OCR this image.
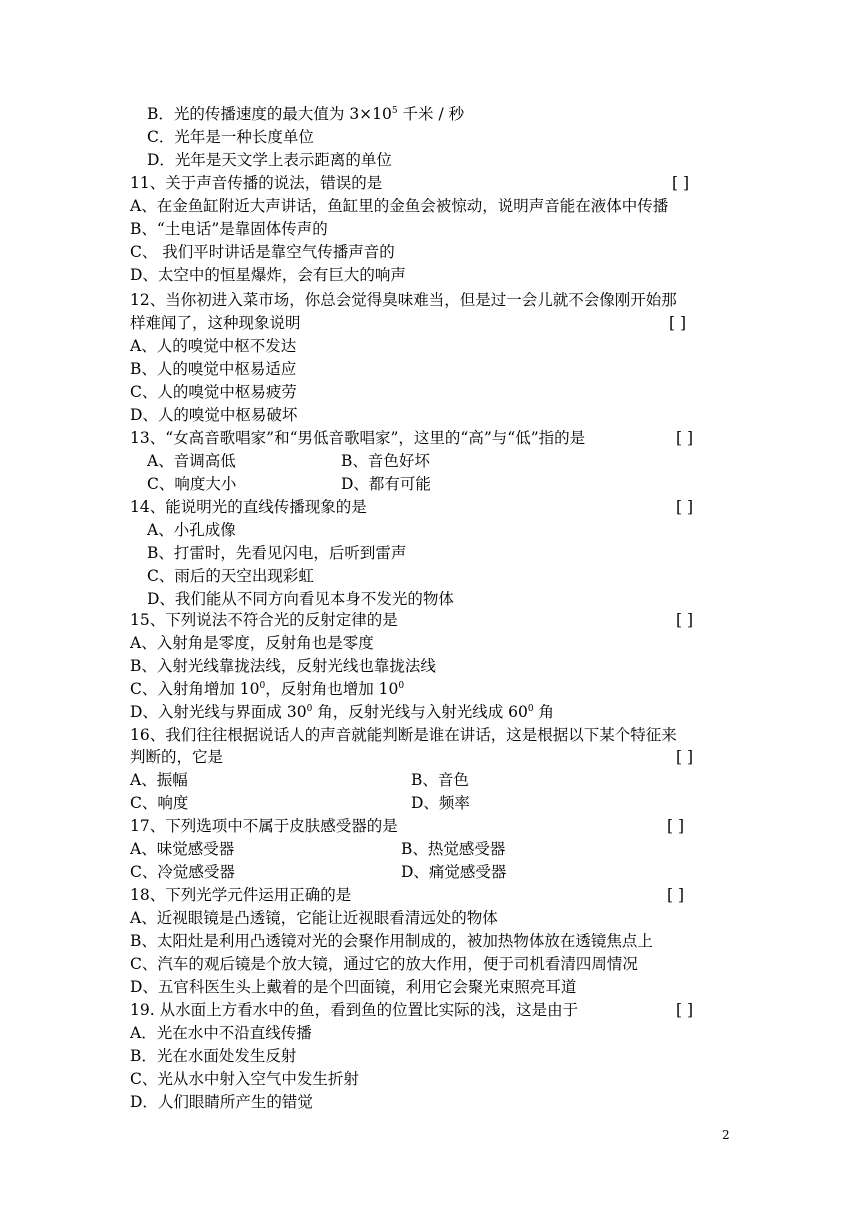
B．光的传播速度的最大值为 $3\times 10^5$ 千米 / 秒
C．光年是一种长度单位
D．光年是天文学上表示距离的单位
11、关于声音传播的说法，错误的是	[ ]
A、在金鱼缸附近大声讲话，鱼缸里的金鱼会被惊动，说明声音能在液体中传播
B、“土电话”是靠固体传声的
C、 我们平时讲话是靠空气传播声音的
D、太空中的恒星爆炸，会有巨大的响声
12、当你初进入菜市场，你总会觉得臭味难当，但是过一会儿就不会像刚开始那
样难闻了，这种现象说明	[ ]
A、人的嗅觉中枢不发达
B、人的嗅觉中枢易适应
C、人的嗅觉中枢易疲劳
D、人的嗅觉中枢易破坏
13、“女高音歌唱家”和“男低音歌唱家”，这里的“高”与“低”指的是	[ ]
A、音调高低	B、音色好坏
C、响度大小	D、都有可能
14、能说明光的直线传播现象的是	[ ]
A、小孔成像
B、打雷时，先看见闪电，后听到雷声
C、雨后的天空出现彩虹
D、我们能从不同方向看见本身不发光的物体
15、下列说法不符合光的反射定律的是	[ ]
A、入射角是零度，反射角也是零度
B、入射光线靠拢法线，反射光线也靠拢法线
C、入射角增加 $10^0$，反射角也增加 $10^0$
D、入射光线与界面成 $30^0$ 角，反射光线与入射光线成 $60^0$ 角
16、我们往往根据说话人的声音就能判断是谁在讲话，这是根据以下某个特征来
判断的，它是	[ ]
A、振幅	B、音色
C、响度	D、频率
17、下列选项中不属于皮肤感受器的是	[ ]
A、味觉感受器	B、热觉感受器
C、冷觉感受器	D、痛觉感受器
18、下列光学元件运用正确的是	[ ]
A、近视眼镜是凸透镜，它能让近视眼看清远处的物体
B、太阳灶是利用凸透镜对光的会聚作用制成的，被加热物体放在透镜焦点上
C、汽车的观后镜是个放大镜，通过它的放大作用，便于司机看清四周情况
D、五官科医生头上戴着的是个凹面镜，利用它会聚光束照亮耳道
19. 从水面上方看水中的鱼，看到鱼的位置比实际的浅，这是由于	[ ]
A．光在水中不沿直线传播
B．光在水面处发生反射
C、光从水中射入空气中发生折射
D．人们眼睛所产生的错觉
2
